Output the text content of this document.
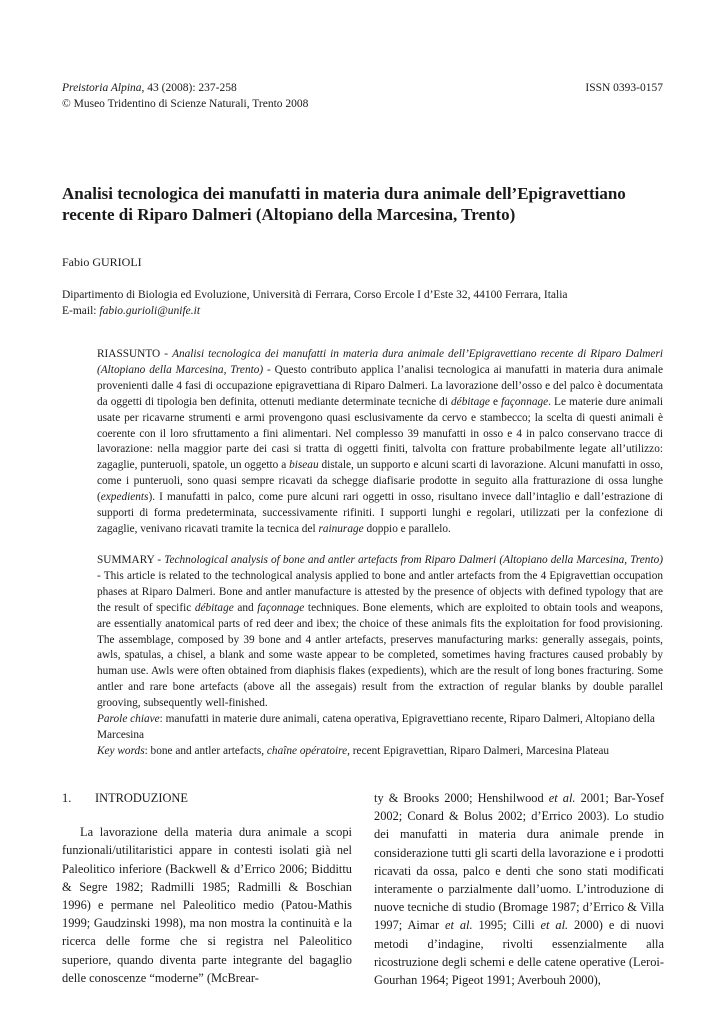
Preistoria Alpina, 43 (2008): 237-258
© Museo Tridentino di Scienze Naturali, Trento 2008
ISSN 0393-0157
Analisi tecnologica dei manufatti in materia dura animale dell’Epigravettiano recente di Riparo Dalmeri (Altopiano della Marcesina, Trento)
Fabio GURIOLI
Dipartimento di Biologia ed Evoluzione, Università di Ferrara, Corso Ercole I d’Este 32, 44100 Ferrara, Italia
E-mail: fabio.gurioli@unife.it

RIASSUNTO - Analisi tecnologica dei manufatti in materia dura animale dell’Epigravettiano recente di Riparo Dalmeri (Altopiano della Marcesina, Trento) - Questo contributo applica l’analisi tecnologica ai manufatti in materia dura animale provenienti dalle 4 fasi di occupazione epigravettiana di Riparo Dalmeri. La lavorazione dell’osso e del palco è documentata da oggetti di tipologia ben definita, ottenuti mediante determinate tecniche di débitage e façonnage. Le materie dure animali usate per ricavarne strumenti e armi provengono quasi esclusivamente da cervo e stambecco; la scelta di questi animali è coerente con il loro sfruttamento a fini alimentari. Nel complesso 39 manufatti in osso e 4 in palco conservano tracce di lavorazione: nella maggior parte dei casi si tratta di oggetti finiti, talvolta con fratture probabilmente legate all’utilizzo: zagaglie, punteruoli, spatole, un oggetto a biseau distale, un supporto e alcuni scarti di lavorazione. Alcuni manufatti in osso, come i punteruoli, sono quasi sempre ricavati da schegge diafisarie prodotte in seguito alla fratturazione di ossa lunghe (expedients). I manufatti in palco, come pure alcuni rari oggetti in osso, risultano invece dall’intaglio e dall’estrazione di supporti di forma predeterminata, successivamente rifiniti. I supporti lunghi e regolari, utilizzati per la confezione di zagaglie, venivano ricavati tramite la tecnica del rainurage doppio e parallelo.

SUMMARY - Technological analysis of bone and antler artefacts from Riparo Dalmeri (Altopiano della Marcesina, Trento) - This article is related to the technological analysis applied to bone and antler artefacts from the 4 Epigravettian occupation phases at Riparo Dalmeri. Bone and antler manufacture is attested by the presence of objects with defined typology that are the result of specific débitage and façonnage techniques. Bone elements, which are exploited to obtain tools and weapons, are essentially anatomical parts of red deer and ibex; the choice of these animals fits the exploitation for food provisioning. The assemblage, composed by 39 bone and 4 antler artefacts, preserves manufacturing marks: generally assegais, points, awls, spatulas, a chisel, a blank and some waste appear to be completed, sometimes having fractures caused probably by human use. Awls were often obtained from diaphisis flakes (expedients), which are the result of long bones fracturing. Some antler and rare bone artefacts (above all the assegais) result from the extraction of regular blanks by double parallel grooving, subsequently well-finished.

Parole chiave: manufatti in materie dure animali, catena operativa, Epigravettiano recente, Riparo Dalmeri, Altopiano della Marcesina
Key words: bone and antler artefacts, chaîne opératoire, recent Epigravettian, Riparo Dalmeri, Marcesina Plateau
1. INTRODUZIONE

La lavorazione della materia dura animale a scopi funzionali/utilitaristici appare in contesti isolati già nel Paleolitico inferiore (Backwell & d’Errico 2006; Biddittu & Segre 1982; Radmilli 1985; Radmilli & Boschian 1996) e permane nel Paleolitico medio (Patou-Mathis 1999; Gaudzinski 1998), ma non mostra la continuità e la ricerca delle forme che si registra nel Paleolitico superiore, quando diventa parte integrante del bagaglio delle conoscenze “moderne” (McBrear-

ty & Brooks 2000; Henshilwood et al. 2001; Bar-Yosef 2002; Conard & Bolus 2002; d’Errico 2003). Lo studio dei manufatti in materia dura animale prende in considerazione tutti gli scarti della lavorazione e i prodotti ricavati da ossa, palco e denti che sono stati modificati interamente o parzialmente dall’uomo. L’introduzione di nuove tecniche di studio (Bromage 1987; d’Errico & Villa 1997; Aimar et al. 1995; Cilli et al. 2000) e di nuovi metodi d’indagine, rivolti essenzialmente alla ricostruzione degli schemi e delle catene operative (Leroi-Gourhan 1964; Pigeot 1991; Averbouh 2000),
